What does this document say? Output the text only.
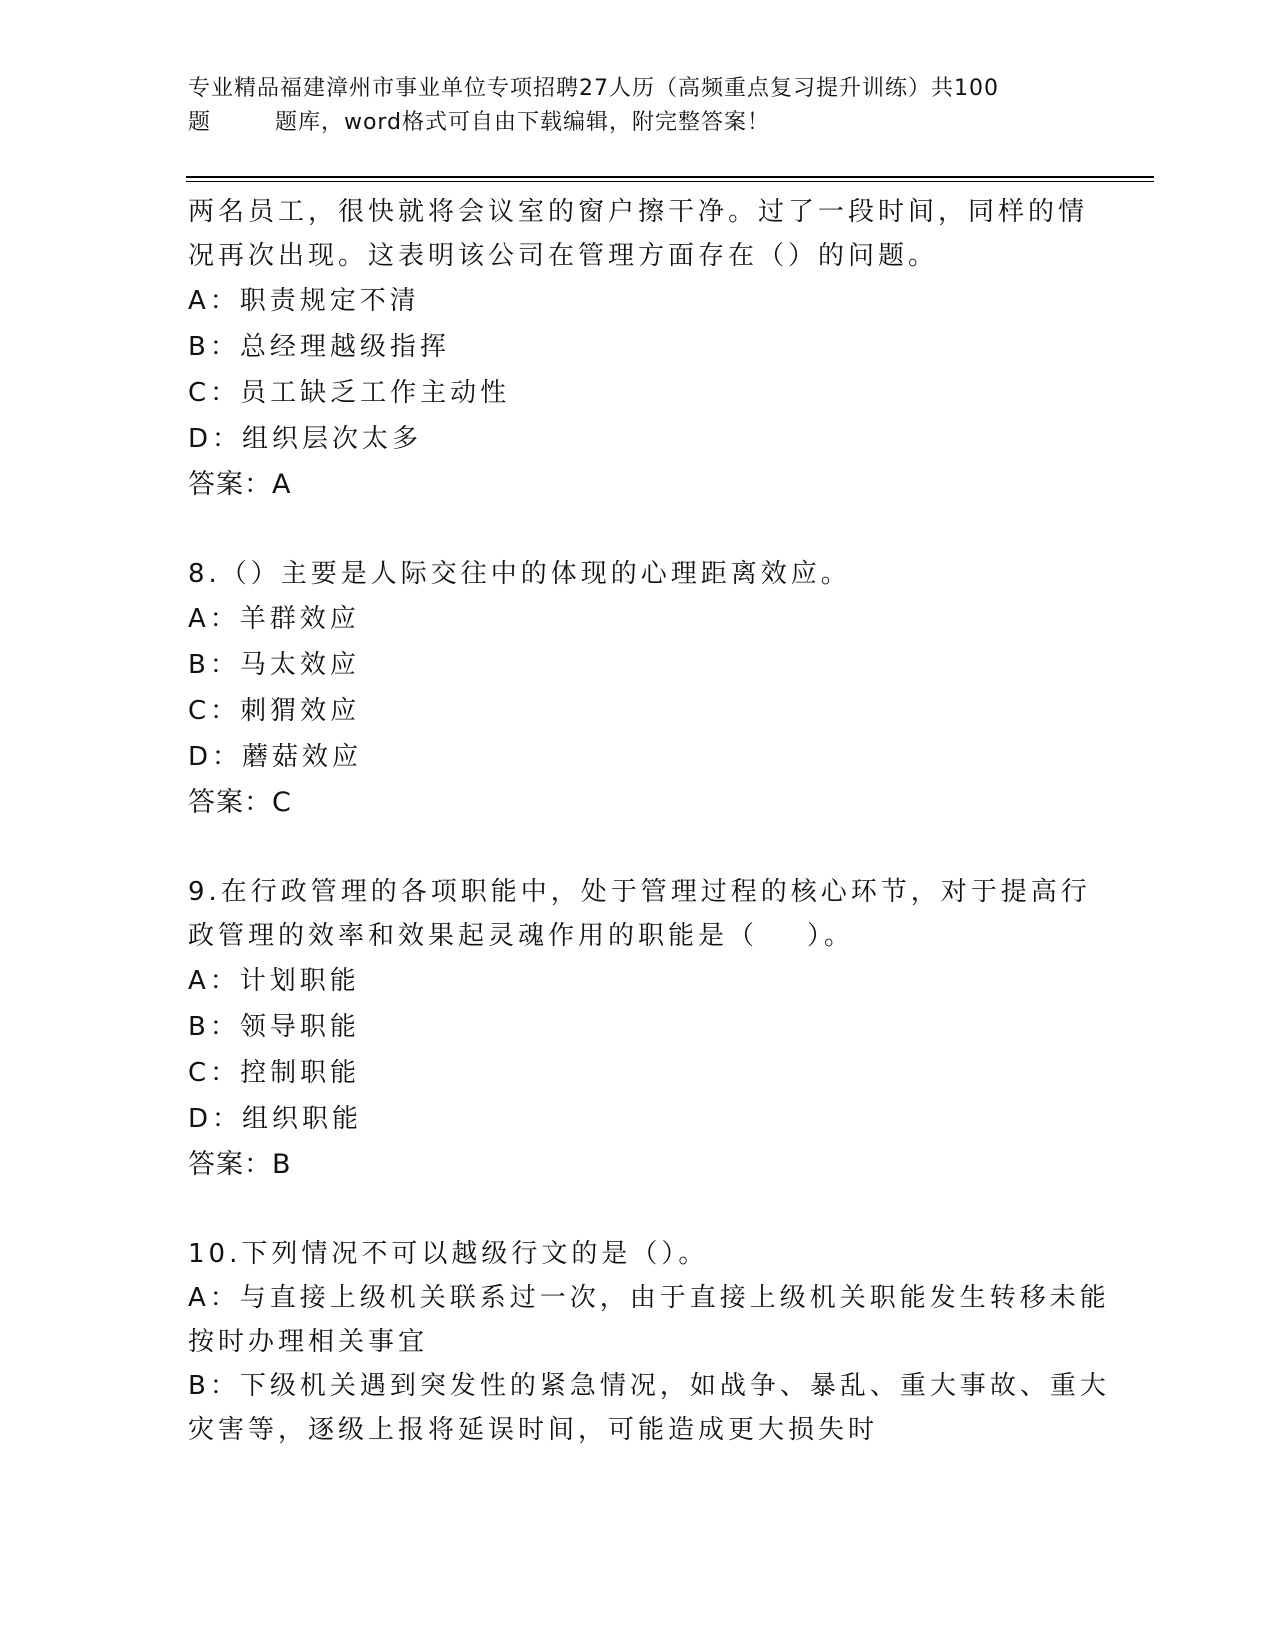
专业精品福建漳州市事业单位专项招聘27人历（高频重点复习提升训练）共100
题        题库，word格式可自由下载编辑，附完整答案！
两名员工，很快就将会议室的窗户擦干净。过了一段时间，同样的情
况再次出现。这表明该公司在管理方面存在（）的问题。
A：职责规定不清
B：总经理越级指挥
C：员工缺乏工作主动性
D：组织层次太多
答案：A
8.（）主要是人际交往中的体现的心理距离效应。
A：羊群效应
B：马太效应
C：刺猬效应
D：蘑菇效应
答案：C
9.在行政管理的各项职能中，处于管理过程的核心环节，对于提高行
政管理的效率和效果起灵魂作用的职能是（    ）。
A：计划职能
B：领导职能
C：控制职能
D：组织职能
答案：B
10.下列情况不可以越级行文的是（）。
A：与直接上级机关联系过一次，由于直接上级机关职能发生转移未能
按时办理相关事宜
B：下级机关遇到突发性的紧急情况，如战争、暴乱、重大事故、重大
灾害等，逐级上报将延误时间，可能造成更大损失时
